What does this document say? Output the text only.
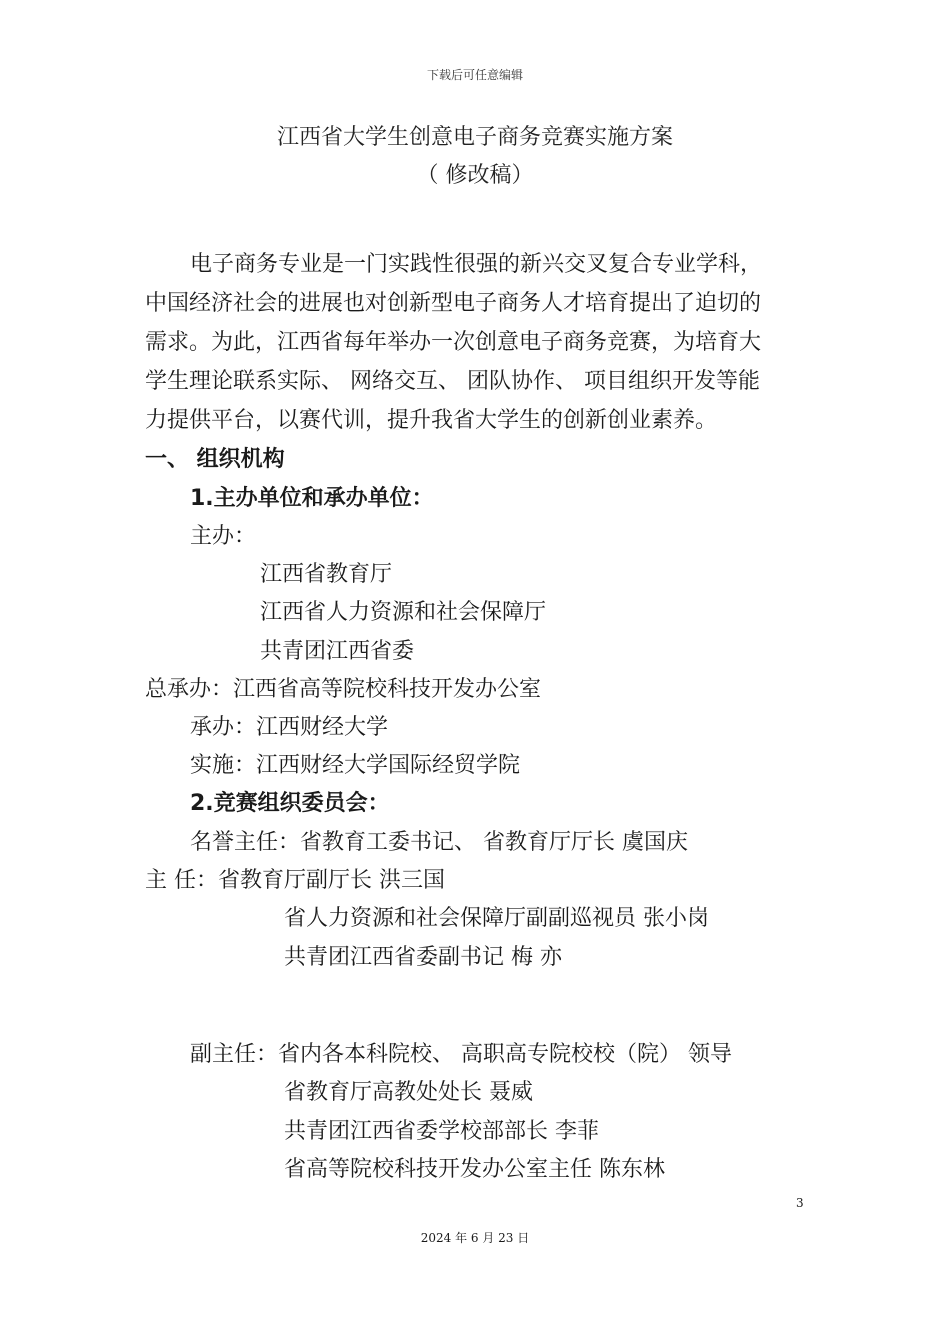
下载后可任意编辑
江西省大学生创意电子商务竞赛实施方案
（ 修改稿）
电子商务专业是一门实践性很强的新兴交叉复合专业学科，
中国经济社会的进展也对创新型电子商务人才培育提出了迫切的
需求。为此，江西省每年举办一次创意电子商务竞赛，为培育大
学生理论联系实际、 网络交互、 团队协作、 项目组织开发等能
力提供平台，以赛代训，提升我省大学生的创新创业素养。
一、 组织机构
1.主办单位和承办单位：
主办：
江西省教育厅
江西省人力资源和社会保障厅
共青团江西省委
总承办：江西省高等院校科技开发办公室
承办：江西财经大学
实施：江西财经大学国际经贸学院
2.竞赛组织委员会：
名誉主任：省教育工委书记、 省教育厅厅长 虞国庆
主 任：省教育厅副厅长 洪三国
省人力资源和社会保障厅副副巡视员 张小岗
共青团江西省委副书记 梅 亦
副主任：省内各本科院校、 高职高专院校校（院） 领导
省教育厅高教处处长 聂威
共青团江西省委学校部部长 李菲
省高等院校科技开发办公室主任 陈东林
3
2024 年 6 月 23 日
